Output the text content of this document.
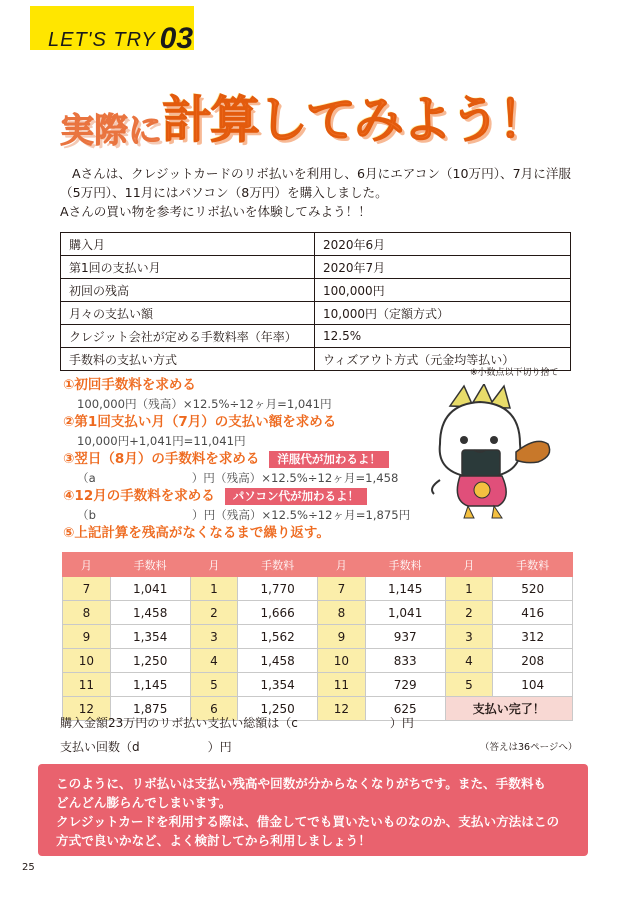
LET'S TRY 03
実際に計算してみよう！

Aさんは、クレジットカードのリボ払いを利用し、6月にエアコン（10万円）、7月に洋服

（5万円）、11月にはパソコン（8万円）を購入しました。

Aさんの買い物を参考にリボ払いを体験してみよう！！

購入月	2020年6月
第1回の支払い月	2020年7月
初回の残高	100,000円
月々の支払い額	10,000円（定額方式）
クレジット会社が定める手数料率（年率）	12.5%
手数料の支払い方式	ウィズアウト方式（元金均等払い）
※小数点以下切り捨て
①初回手数料を求める
100,000円（残高）×12.5%÷12ヶ月=1,041円
②第1回支払い月（7月）の支払い額を求める
10,000円+1,041円=11,041円
③翌日（8月）の手数料を求める 洋服代が加わるよ！
（a	）円（残高）×12.5%÷12ヶ月=1,458
④12月の手数料を求める パソコン代が加わるよ！
（b	）円（残高）×12.5%÷12ヶ月=1,875円
⑤上記計算を残高がなくなるまで繰り返す。
月	手数料	月	手数料	月	手数料	月	手数料
7	1,041	1	1,770	7	1,145	1	520
8	1,458	2	1,666	8	1,041	2	416
9	1,354	3	1,562	9	937	3	312
10	1,250	4	1,458	10	833	4	208
11	1,145	5	1,354	11	729	5	104
12	1,875	6	1,250	12	625	支払い完了！	
購入金額23万円のリボ払い支払い総額は（c	）円
支払い回数（d	）円	（答えは36ページへ）

このように、リボ払いは支払い残高や回数が分からなくなりがちです。また、手数料も

どんどん膨らんでしまいます。

クレジットカードを利用する際は、借金してでも買いたいものなのか、支払い方法はこの

方式で良いかなど、よく検討してから利用しましょう！

25
